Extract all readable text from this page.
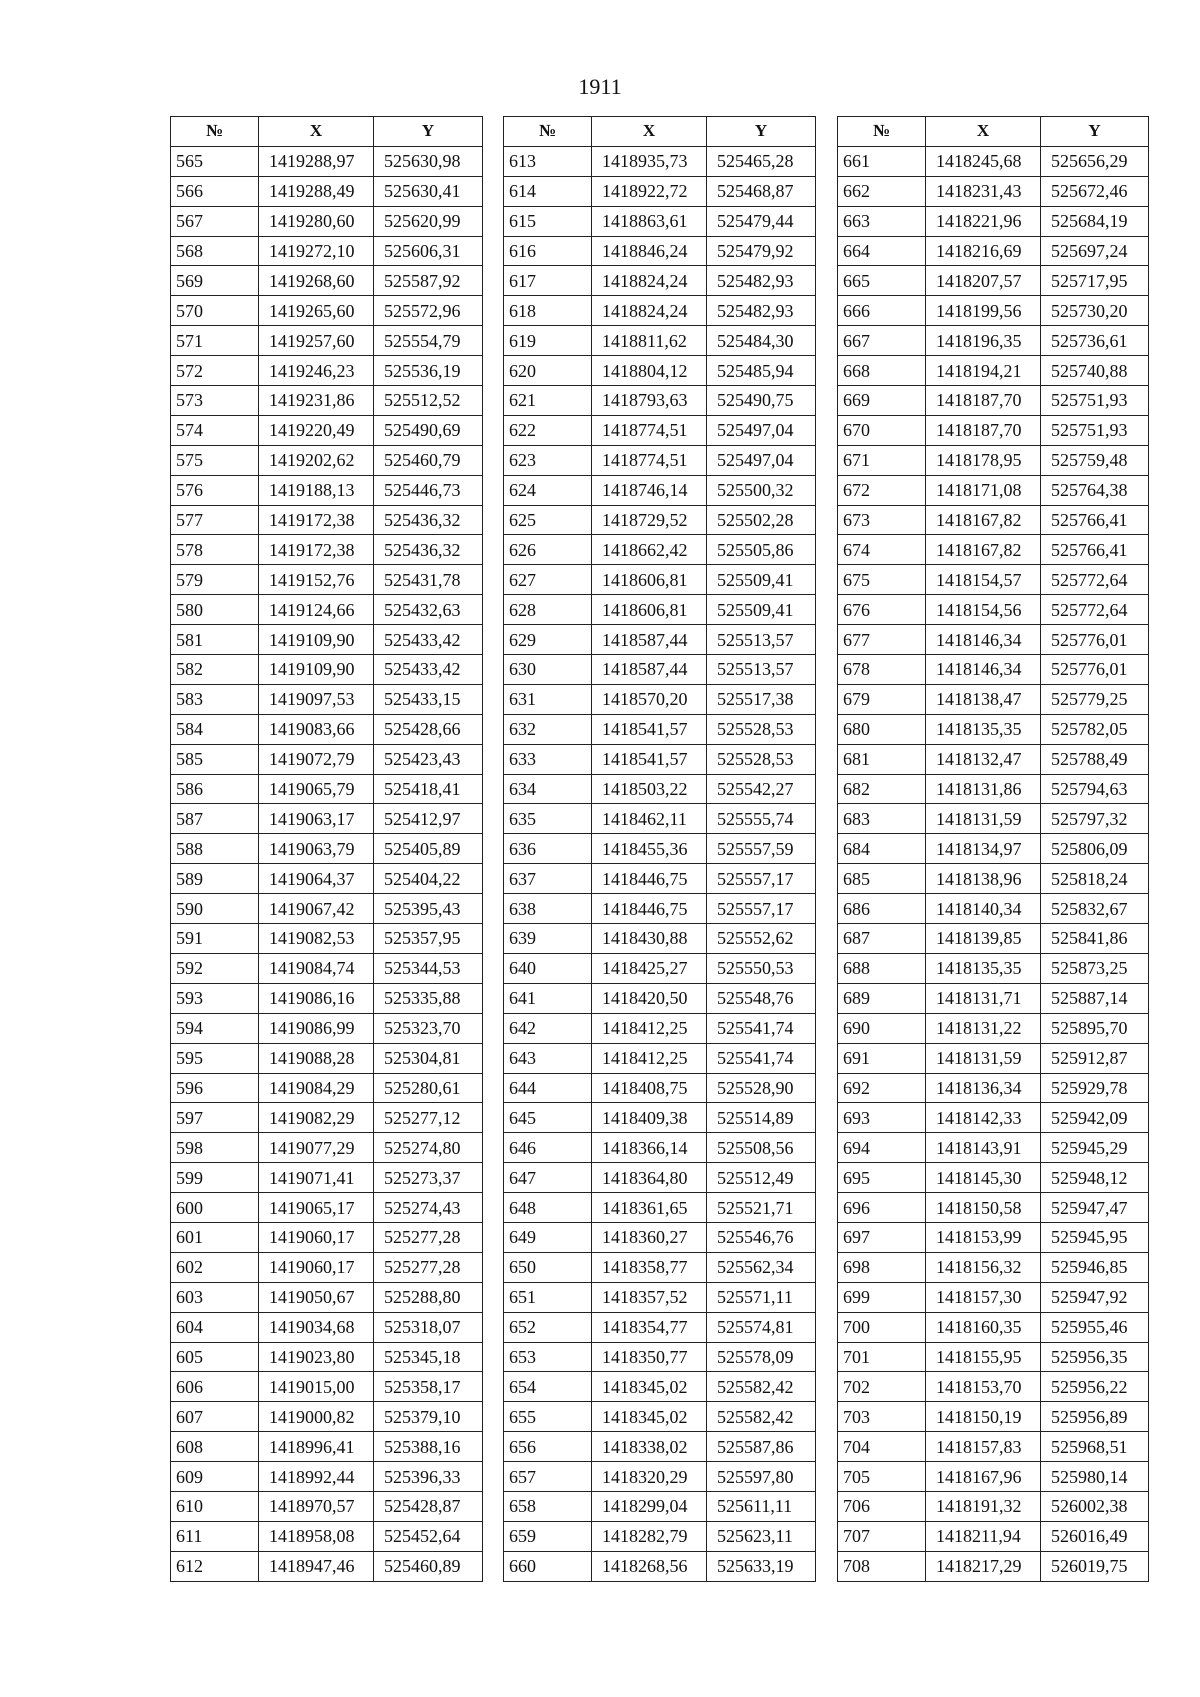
1911
№	X	Y
565	1419288,97	525630,98
566	1419288,49	525630,41
567	1419280,60	525620,99
568	1419272,10	525606,31
569	1419268,60	525587,92
570	1419265,60	525572,96
571	1419257,60	525554,79
572	1419246,23	525536,19
573	1419231,86	525512,52
574	1419220,49	525490,69
575	1419202,62	525460,79
576	1419188,13	525446,73
577	1419172,38	525436,32
578	1419172,38	525436,32
579	1419152,76	525431,78
580	1419124,66	525432,63
581	1419109,90	525433,42
582	1419109,90	525433,42
583	1419097,53	525433,15
584	1419083,66	525428,66
585	1419072,79	525423,43
586	1419065,79	525418,41
587	1419063,17	525412,97
588	1419063,79	525405,89
589	1419064,37	525404,22
590	1419067,42	525395,43
591	1419082,53	525357,95
592	1419084,74	525344,53
593	1419086,16	525335,88
594	1419086,99	525323,70
595	1419088,28	525304,81
596	1419084,29	525280,61
597	1419082,29	525277,12
598	1419077,29	525274,80
599	1419071,41	525273,37
600	1419065,17	525274,43
601	1419060,17	525277,28
602	1419060,17	525277,28
603	1419050,67	525288,80
604	1419034,68	525318,07
605	1419023,80	525345,18
606	1419015,00	525358,17
607	1419000,82	525379,10
608	1418996,41	525388,16
609	1418992,44	525396,33
610	1418970,57	525428,87
611	1418958,08	525452,64
612	1418947,46	525460,89
№	X	Y
613	1418935,73	525465,28
614	1418922,72	525468,87
615	1418863,61	525479,44
616	1418846,24	525479,92
617	1418824,24	525482,93
618	1418824,24	525482,93
619	1418811,62	525484,30
620	1418804,12	525485,94
621	1418793,63	525490,75
622	1418774,51	525497,04
623	1418774,51	525497,04
624	1418746,14	525500,32
625	1418729,52	525502,28
626	1418662,42	525505,86
627	1418606,81	525509,41
628	1418606,81	525509,41
629	1418587,44	525513,57
630	1418587,44	525513,57
631	1418570,20	525517,38
632	1418541,57	525528,53
633	1418541,57	525528,53
634	1418503,22	525542,27
635	1418462,11	525555,74
636	1418455,36	525557,59
637	1418446,75	525557,17
638	1418446,75	525557,17
639	1418430,88	525552,62
640	1418425,27	525550,53
641	1418420,50	525548,76
642	1418412,25	525541,74
643	1418412,25	525541,74
644	1418408,75	525528,90
645	1418409,38	525514,89
646	1418366,14	525508,56
647	1418364,80	525512,49
648	1418361,65	525521,71
649	1418360,27	525546,76
650	1418358,77	525562,34
651	1418357,52	525571,11
652	1418354,77	525574,81
653	1418350,77	525578,09
654	1418345,02	525582,42
655	1418345,02	525582,42
656	1418338,02	525587,86
657	1418320,29	525597,80
658	1418299,04	525611,11
659	1418282,79	525623,11
660	1418268,56	525633,19
№	X	Y
661	1418245,68	525656,29
662	1418231,43	525672,46
663	1418221,96	525684,19
664	1418216,69	525697,24
665	1418207,57	525717,95
666	1418199,56	525730,20
667	1418196,35	525736,61
668	1418194,21	525740,88
669	1418187,70	525751,93
670	1418187,70	525751,93
671	1418178,95	525759,48
672	1418171,08	525764,38
673	1418167,82	525766,41
674	1418167,82	525766,41
675	1418154,57	525772,64
676	1418154,56	525772,64
677	1418146,34	525776,01
678	1418146,34	525776,01
679	1418138,47	525779,25
680	1418135,35	525782,05
681	1418132,47	525788,49
682	1418131,86	525794,63
683	1418131,59	525797,32
684	1418134,97	525806,09
685	1418138,96	525818,24
686	1418140,34	525832,67
687	1418139,85	525841,86
688	1418135,35	525873,25
689	1418131,71	525887,14
690	1418131,22	525895,70
691	1418131,59	525912,87
692	1418136,34	525929,78
693	1418142,33	525942,09
694	1418143,91	525945,29
695	1418145,30	525948,12
696	1418150,58	525947,47
697	1418153,99	525945,95
698	1418156,32	525946,85
699	1418157,30	525947,92
700	1418160,35	525955,46
701	1418155,95	525956,35
702	1418153,70	525956,22
703	1418150,19	525956,89
704	1418157,83	525968,51
705	1418167,96	525980,14
706	1418191,32	526002,38
707	1418211,94	526016,49
708	1418217,29	526019,75
